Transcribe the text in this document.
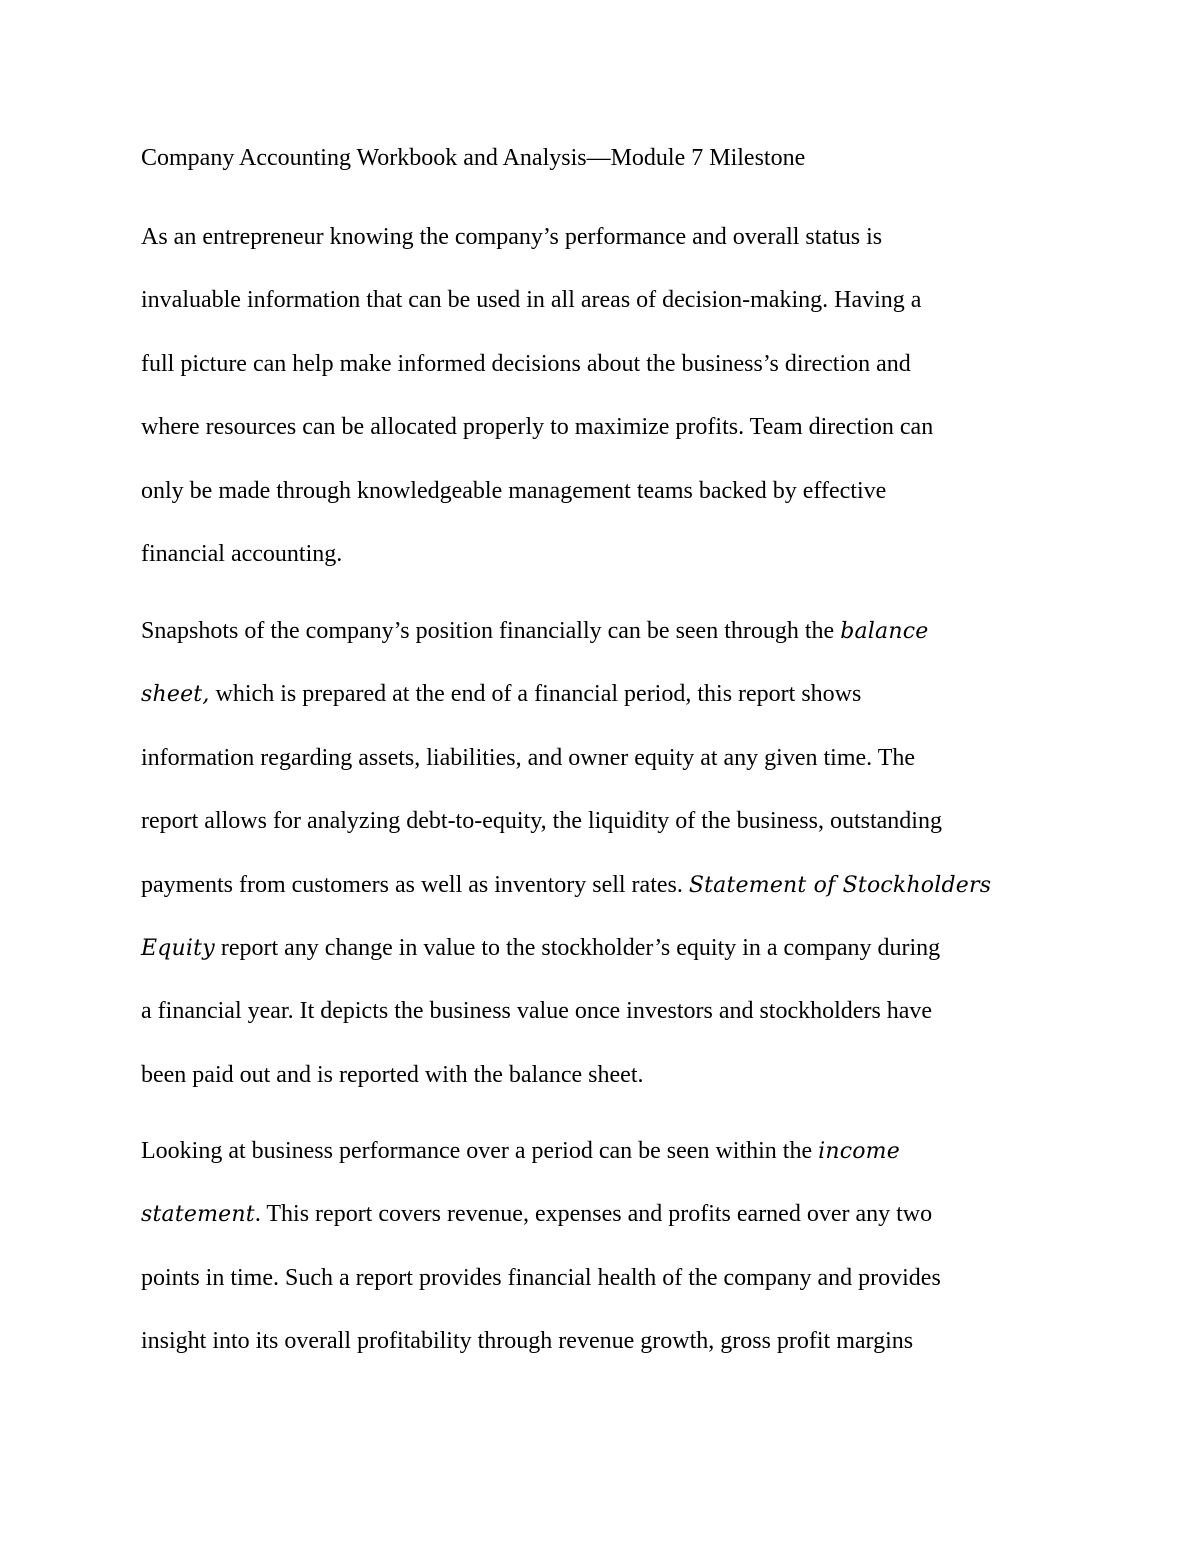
Company Accounting Workbook and Analysis—Module 7 Milestone
As an entrepreneur knowing the company’s performance and overall status is
invaluable information that can be used in all areas of decision-making. Having a
full picture can help make informed decisions about the business’s direction and
where resources can be allocated properly to maximize profits. Team direction can
only be made through knowledgeable management teams backed by effective
financial accounting.
Snapshots of the company’s position financially can be seen through the balance
sheet, which is prepared at the end of a financial period, this report shows
information regarding assets, liabilities, and owner equity at any given time. The
report allows for analyzing debt-to-equity, the liquidity of the business, outstanding
payments from customers as well as inventory sell rates. Statement of Stockholders
Equity report any change in value to the stockholder’s equity in a company during
a financial year. It depicts the business value once investors and stockholders have
been paid out and is reported with the balance sheet.
Looking at business performance over a period can be seen within the income
statement. This report covers revenue, expenses and profits earned over any two
points in time. Such a report provides financial health of the company and provides
insight into its overall profitability through revenue growth, gross profit margins
